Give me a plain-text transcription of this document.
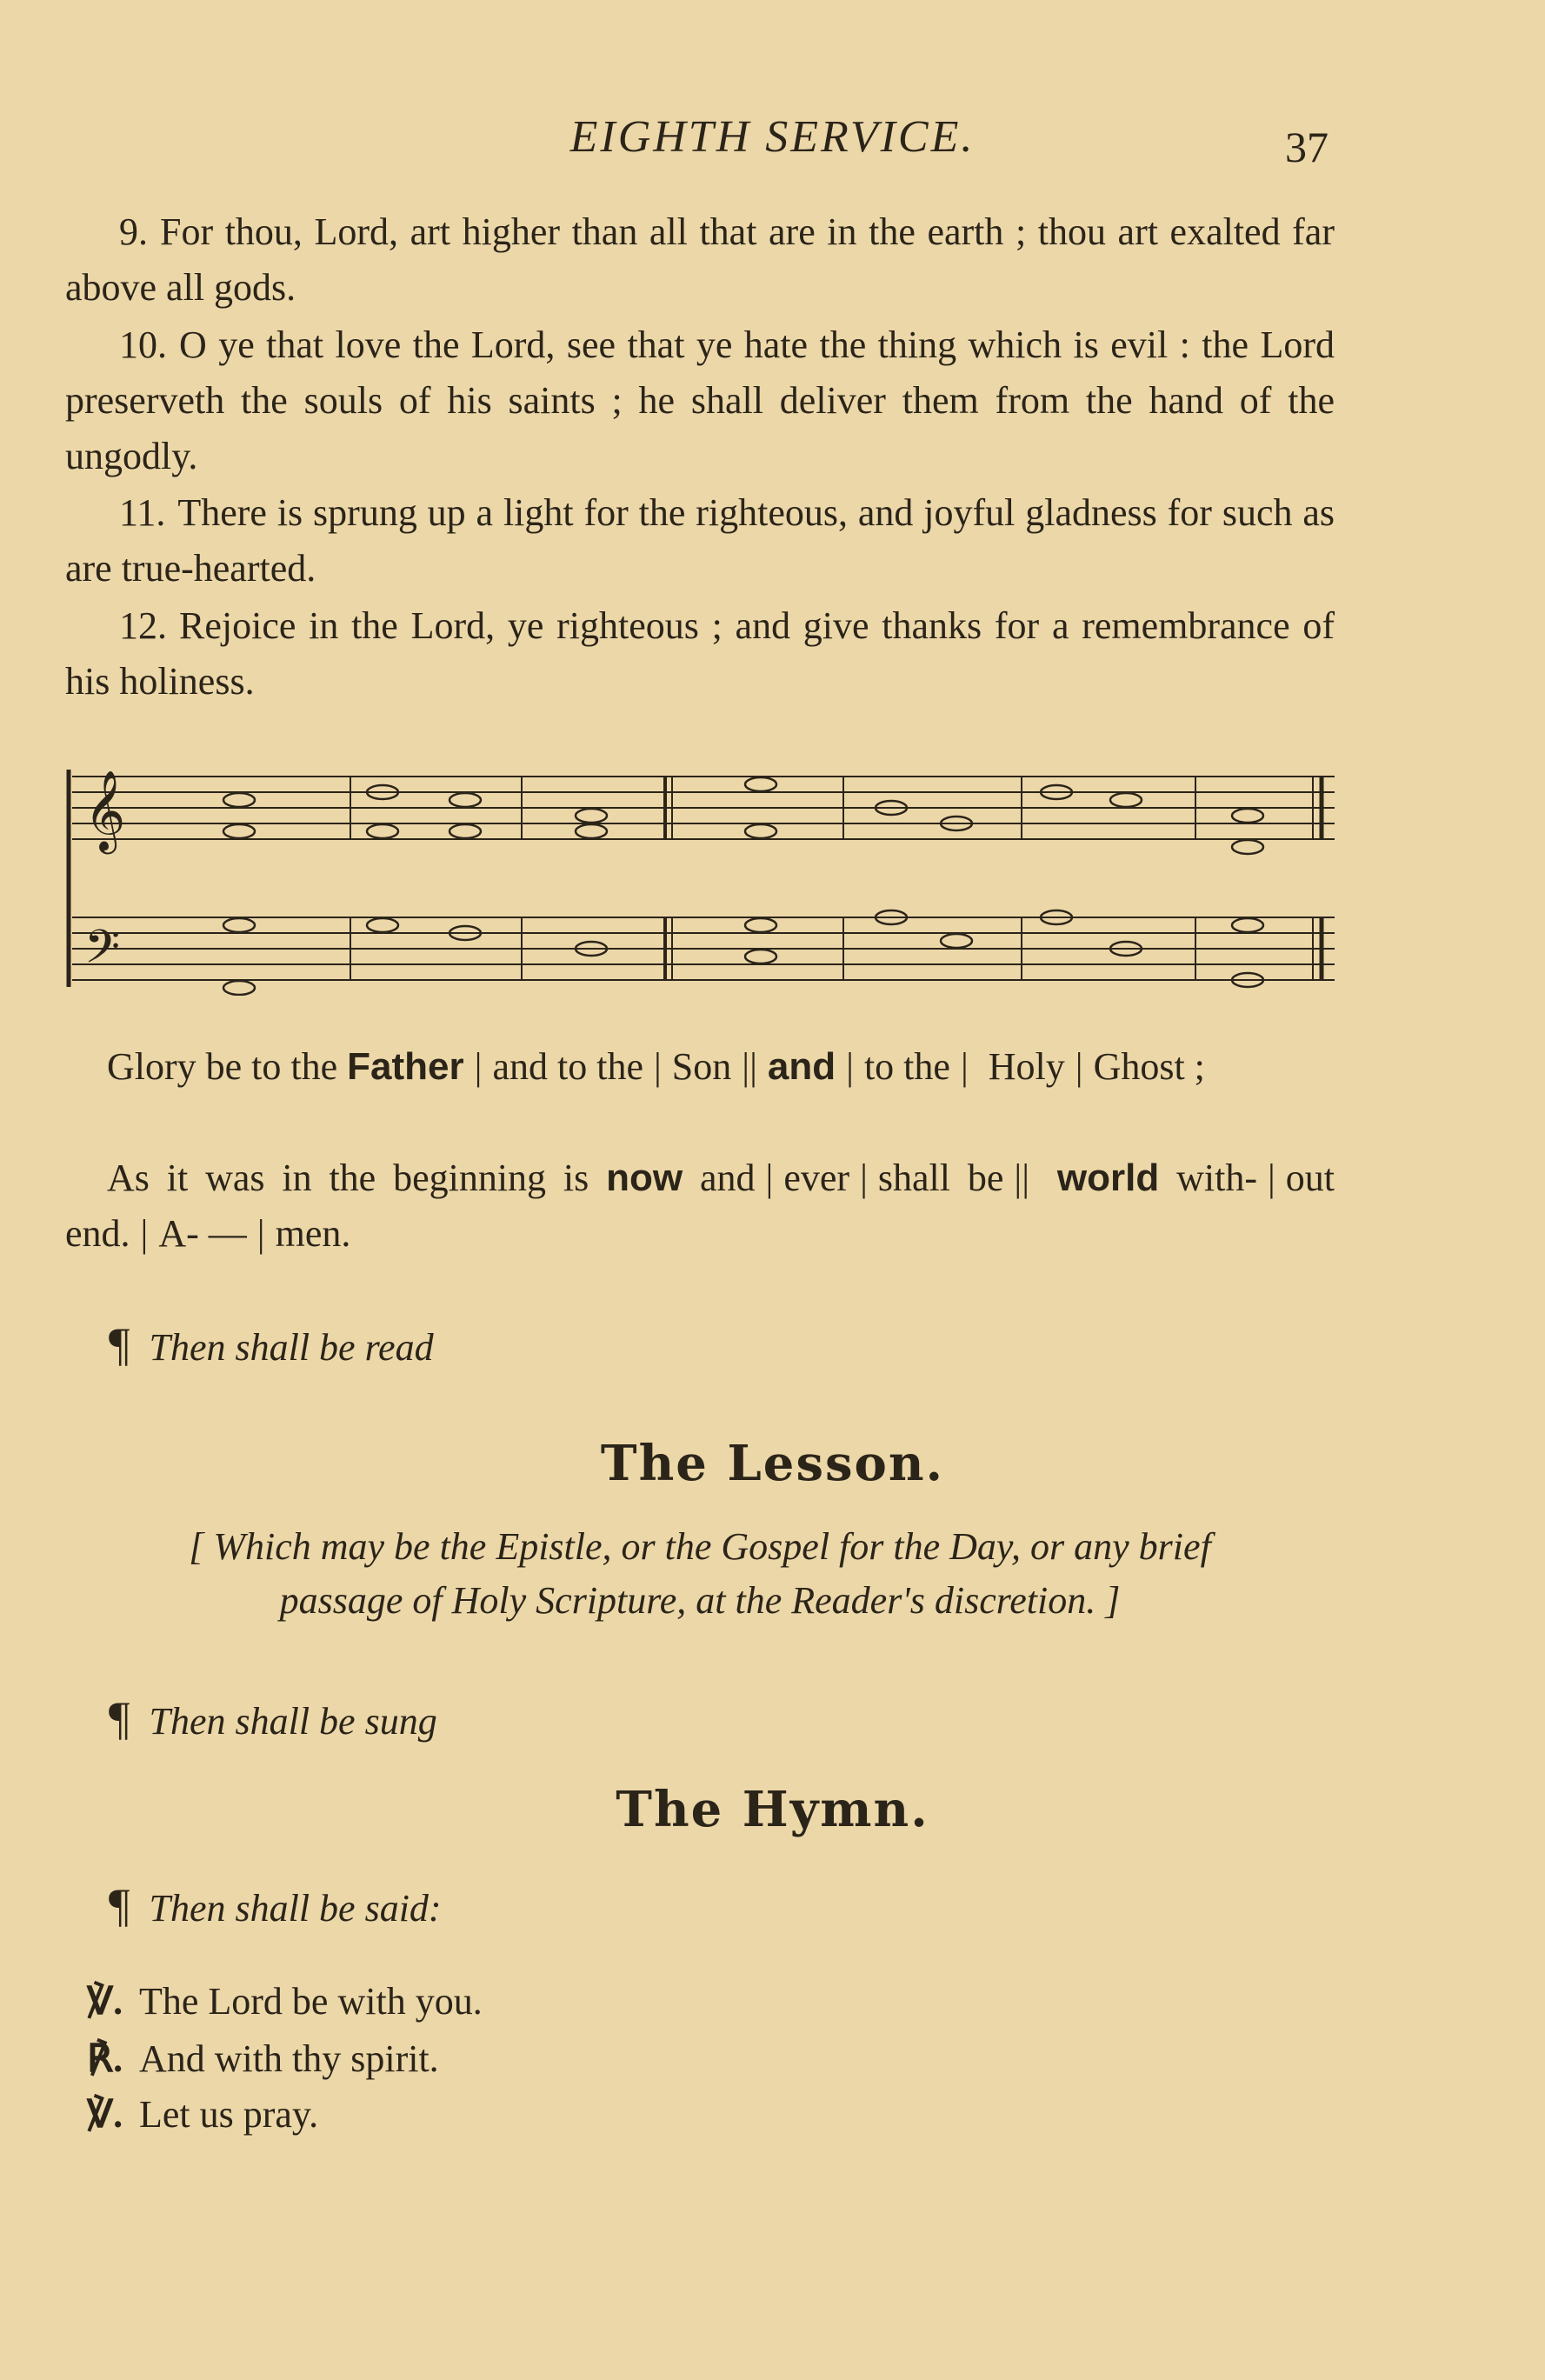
EIGHTH SERVICE.	37
9. For thou, Lord, art higher than all that are in the earth ; thou art exalted far above all gods.
10. O ye that love the Lord, see that ye hate the thing which is evil : the Lord preserveth the souls of his saints ; he shall deliver them from the hand of the ungodly.
11. There is sprung up a light for the righteous, and joyful gladness for such as are true-hearted.
12. Rejoice in the Lord, ye righteous ; and give thanks for a remembrance of his holiness.
𝄞
𝄢
Glory be to the Father | and to the | Son || and | to the | Holy | Ghost ;
As it was in the beginning is now and | ever | shall be || world with- | out end. | A- — | men.
¶ Then shall be read
The Lesson.
[ Which may be the Epistle, or the Gospel for the Day, or any brief
passage of Holy Scripture, at the Reader's discretion. ]
¶ Then shall be sung
The Hymn.
¶ Then shall be said:
℣. The Lord be with you.
℟. And with thy spirit.
℣. Let us pray.
